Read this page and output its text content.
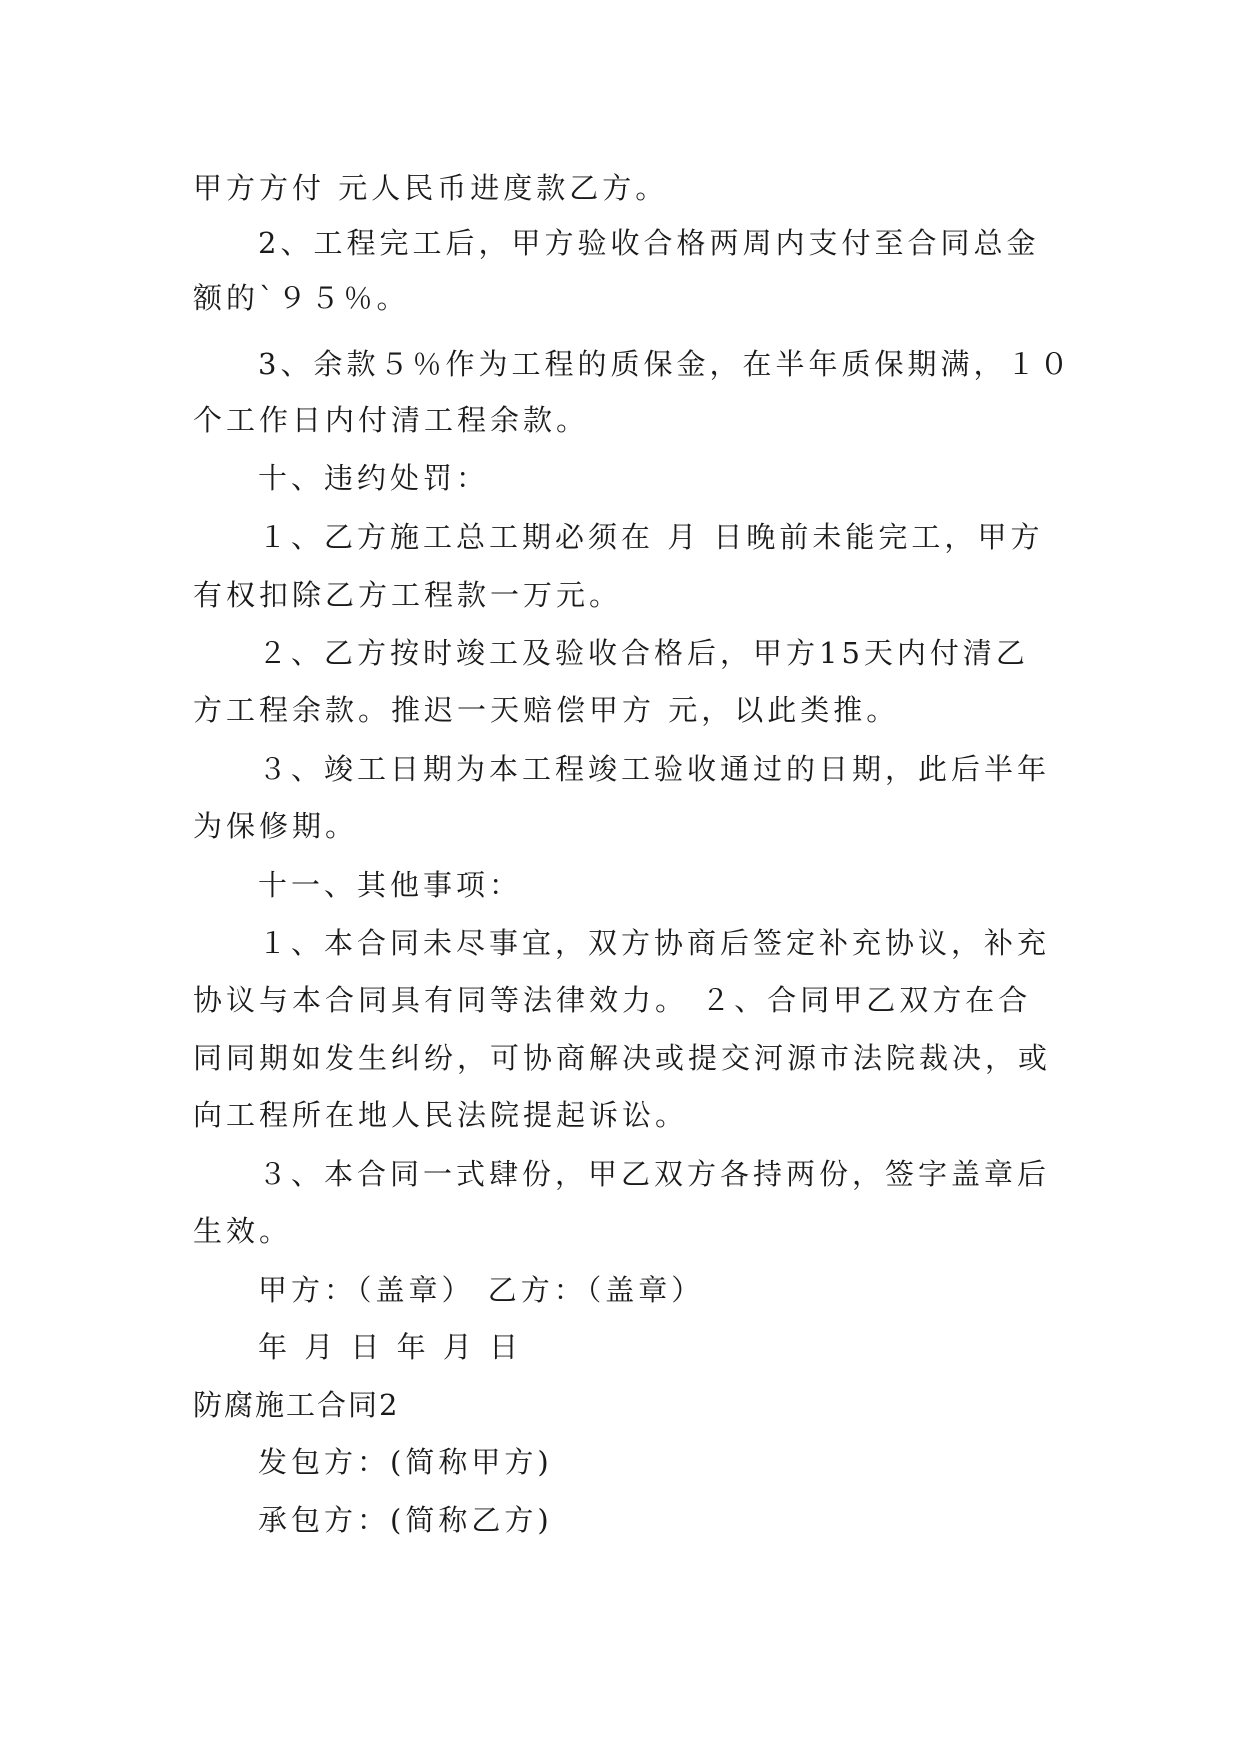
甲方方付 元人民币进度款乙方。
2、工程完工后，甲方验收合格两周内支付至合同总金
额的`９５％。
3、余款５％作为工程的质保金，在半年质保期满，１０
个工作日内付清工程余款。
十、违约处罚：
１、乙方施工总工期必须在 月 日晚前未能完工，甲方
有权扣除乙方工程款一万元。
２、乙方按时竣工及验收合格后，甲方15天内付清乙
方工程余款。推迟一天赔偿甲方 元，以此类推。
３、竣工日期为本工程竣工验收通过的日期，此后半年
为保修期。
十一、其他事项：
１、本合同未尽事宜，双方协商后签定补充协议，补充
协议与本合同具有同等法律效力。 ２、合同甲乙双方在合
同同期如发生纠纷，可协商解决或提交河源市法院裁决，或
向工程所在地人民法院提起诉讼。
３、本合同一式肆份，甲乙双方各持两份，签字盖章后
生效。
甲方：（盖章） 乙方：（盖章）
年 月 日 年 月 日
防腐施工合同2
发包方：(简称甲方)
承包方：(简称乙方)
